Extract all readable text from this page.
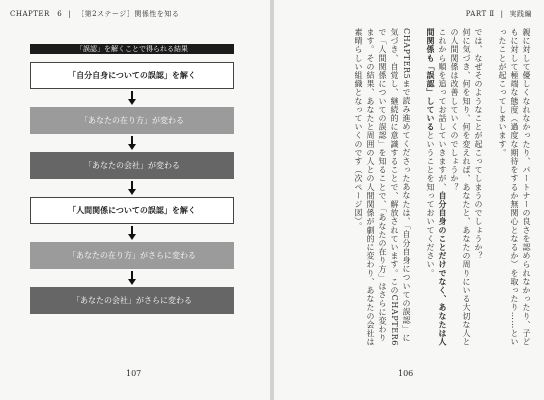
CHAPTER　6 | ［第2ステージ］関係性を知る
「誤認」を解くことで得られる結果
「自分自身についての誤認」を解く
「あなたの在り方」が変わる
「あなたの会社」が変わる
「人間関係についての誤認」を解く
「あなたの在り方」がさらに変わる
「あなたの会社」がさらに変わる
107
PART Ⅱ | 実践編

親に対して優しくなれなかったり、パートナーの良さを認められなかったり、子どもに対して極端な態度（過度な期待をするか無関心となるか）を取ったり……といったことが起こってしまいます。

では、なぜそのようなことが起こってしまうのでしょうか？

何に気づき、何を知り、何を変えれば、あなたと、あなたの周りにいる大切な人との人間関係は改善していくのでしょうか？

これから順を追ってお話していきますが、自分自身のことだけでなく、あなたは人間関係も「誤認」しているということを知っておいてください。

CHAPTER5まで読み進めてくださったあなたは、「自分自身についての誤認」に気づき、自覚し、継続的に意識することで、解放されています。このCHAPTER6で「人間関係についての誤認」を知ることで、「あなたの在り方」はさらに変わります。その結果、あなたと周囲の人との人間関係が劇的に変わり、あなたの会社は素晴らしい組織となっていくのです（次ページ図）。

106
